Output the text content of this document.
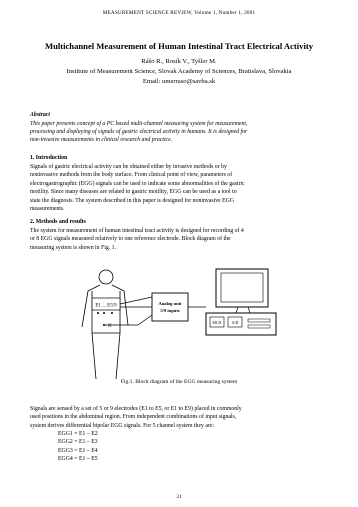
MEASUREMENT SCIENCE REVIEW, Volume 1, Number 1, 2001
Multichannel Measurement of Human Intestinal Tract Electrical Activity
Rášo R., Rosík V., Tyšler M.
Institute of Measurement Science, Slovak Academy of Sciences, Bratislava, Slovakia
Email: umerraso@savba.sk
Abstract
This paper presents concept of a PC based multi-channel measuring system for measurement,
processing and displaying of signals of gastric electrical activity in humans. It is designed for
non-invasive measurements in clinical research and practice.
1. Introduction
Signals of gastric electrical activity can be obtained either by invasive methods or by
noninvasive methods from the body surface. From clinical point of view, parameters of
electrogastrographic (EGG) signals can be used to indicate some abnormalities of the gastric
motility. Since many diseases are related to gastric motility, EGG can be used as a tool to
state the diagnosis. The system described in this paper is designed for noninvasive EGG
measurements.
2. Methods and results
The system for measurement of human intestinal tract activity is designed for recording of 4
or 8 EGG signals measured relatively to one reference electrode. Block diagram of the
measuring system is shown in Fig. 1.
E1 ... E5/9
N
Analog unit
5/9 inputs
MUX A/D
Fig.1. Block diagram of the EGG measuring system
Signals are sensed by a set of 5 or 9 electrodes (E1 to E5, or E1 to E9) placed in commonly
used positions in the abdominal region. From independent combinations of input signals,
system derives differential bipolar EGG signals. For 5 channel system they are:
EGG1 = E1 – E2
EGG2 = E1 – E3
EGG3 = E1 – E4
EGG4 = E1 – E5
31
